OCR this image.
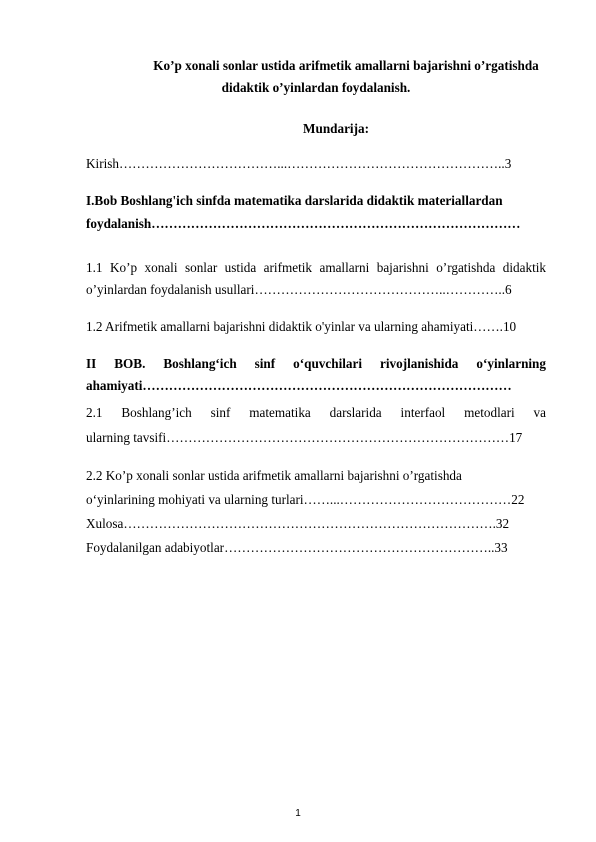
Ko’p xonali sonlar ustida arifmetik amallarni bajarishni o’rgatishda
didaktik o’yinlardan foydalanish.
Mundarija:
Kirish………………………………...…………………………………………..3
I.Bob Boshlang'ich sinfda matematika darslarida didaktik materiallardan
foydalanish…………………………………………………………………………
1.1 Ko’p xonali sonlar ustida arifmetik amallarni bajarishni o’rgatishda didaktik
o’yinlardan foydalanish usullari……………………………………..…………..6
1.2 Arifmetik amallarni bajarishni didaktik o'yinlar va ularning ahamiyati…….10
II BOB. Boshlang‘ich sinf o‘quvchilari rivojlanishida o‘yinlarning
ahamiyati…………………………………………………………………………
2.1 Boshlang’ich sinf matematika darslarida interfaol metodlari va
ularning tavsifi……………………………………………………………………17
2.2 Ko’p xonali sonlar ustida arifmetik amallarni bajarishni o’rgatishda
o‘yinlarining mohiyati va ularning turlari……...…………………………………22
Xulosa………………………………………………………………………….32
Foydalanilgan adabiyotlar……………………………………………………..33
1
